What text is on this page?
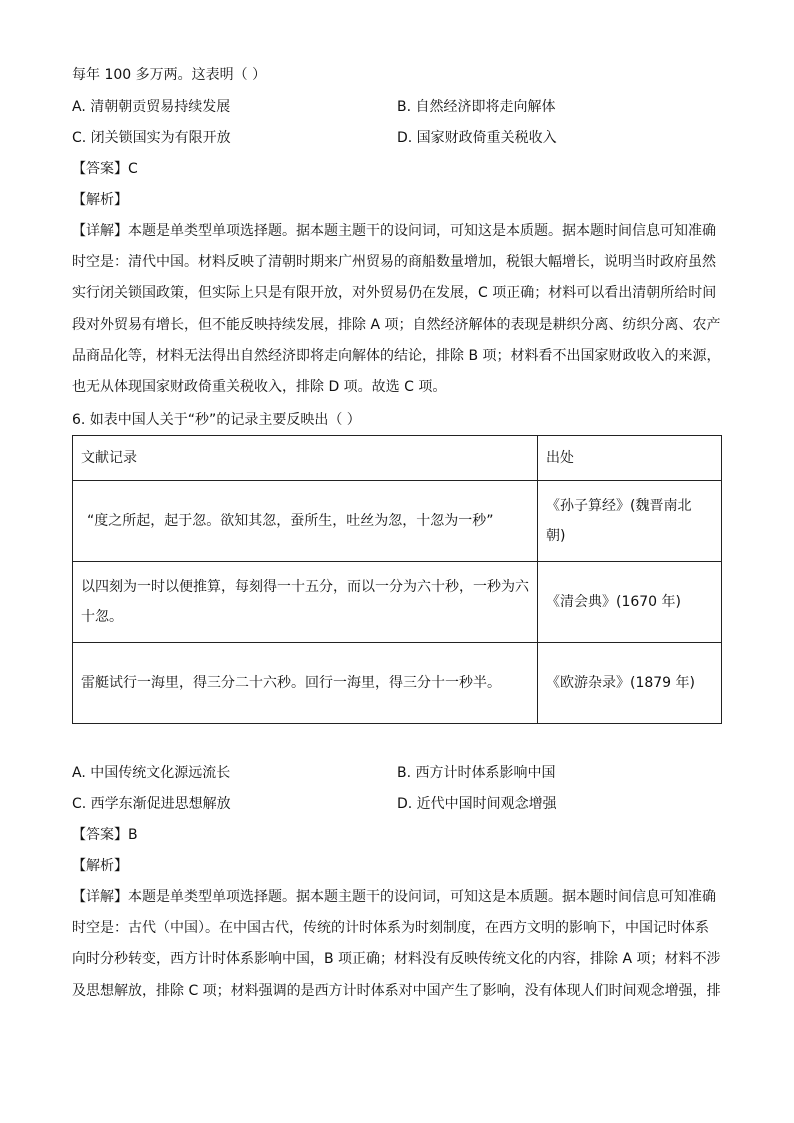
每年 100 多万两。这表明（ ）
A. 清朝朝贡贸易持续发展	B. 自然经济即将走向解体
C. 闭关锁国实为有限开放	D. 国家财政倚重关税收入
【答案】C
【解析】
【详解】本题是单类型单项选择题。据本题主题干的设问词，可知这是本质题。据本题时间信息可知准确
时空是：清代中国。材料反映了清朝时期来广州贸易的商船数量增加，税银大幅增长，说明当时政府虽然
实行闭关锁国政策，但实际上只是有限开放，对外贸易仍在发展，C 项正确；材料可以看出清朝所给时间
段对外贸易有增长，但不能反映持续发展，排除 A 项；自然经济解体的表现是耕织分离、纺织分离、农产
品商品化等，材料无法得出自然经济即将走向解体的结论，排除 B 项；材料看不出国家财政收入的来源，
也无从体现国家财政倚重关税收入，排除 D 项。故选 C 项。
6. 如表中国人关于“秒”的记录主要反映出（ ）
文献记录	出处
“度之所起，起于忽。欲知其忽，蚕所生，吐丝为忽，十忽为一秒”	《孙子算经》(魏晋南北
朝)

以四刻为一时以便推算，每刻得一十五分，而以一分为六十秒，一秒为六
十忽。	《清会典》(1670 年)
雷艇试行一海里，得三分二十六秒。回行一海里，得三分十一秒半。	《欧游杂录》(1879 年)
A. 中国传统文化源远流长	B. 西方计时体系影响中国
C. 西学东渐促进思想解放	D. 近代中国时间观念增强
【答案】B
【解析】
【详解】本题是单类型单项选择题。据本题主题干的设问词，可知这是本质题。据本题时间信息可知准确
时空是：古代（中国）。在中国古代，传统的计时体系为时刻制度，在西方文明的影响下，中国记时体系
向时分秒转变，西方计时体系影响中国，B 项正确；材料没有反映传统文化的内容，排除 A 项；材料不涉
及思想解放，排除 C 项；材料强调的是西方计时体系对中国产生了影响，没有体现人们时间观念增强，排
